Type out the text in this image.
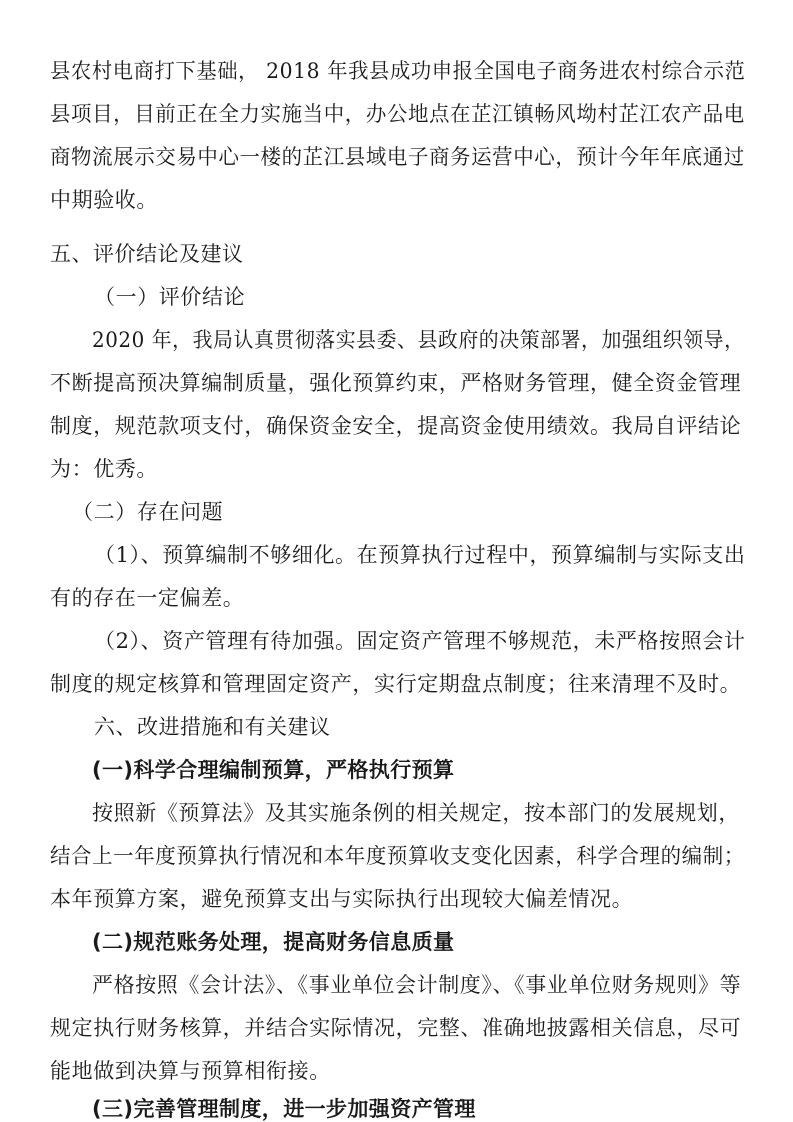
县农村电商打下基础， 2018 年我县成功申报全国电子商务进农村综合示范
县项目，目前正在全力实施当中，办公地点在芷江镇畅风坳村芷江农产品电
商物流展示交易中心一楼的芷江县域电子商务运营中心，预计今年年底通过
中期验收。
五、评价结论及建议
（一）评价结论
2020 年，我局认真贯彻落实县委、县政府的决策部署，加强组织领导，
不断提高预决算编制质量，强化预算约束，严格财务管理，健全资金管理
制度，规范款项支付，确保资金安全，提高资金使用绩效。我局自评结论
为：优秀。
（二）存在问题
（1）、预算编制不够细化。在预算执行过程中，预算编制与实际支出
有的存在一定偏差。
（2）、资产管理有待加强。固定资产管理不够规范，未严格按照会计
制度的规定核算和管理固定资产，实行定期盘点制度；往来清理不及时。
六、改进措施和有关建议
(一)科学合理编制预算，严格执行预算
按照新《预算法》及其实施条例的相关规定，按本部门的发展规划，
结合上一年度预算执行情况和本年度预算收支变化因素，科学合理的编制；
本年预算方案，避免预算支出与实际执行出现较大偏差情况。
(二)规范账务处理，提高财务信息质量
严格按照《会计法》、《事业单位会计制度》、《事业单位财务规则》等
规定执行财务核算，并结合实际情况，完整、准确地披露相关信息，尽可
能地做到决算与预算相衔接。
(三)完善管理制度，进一步加强资产管理
